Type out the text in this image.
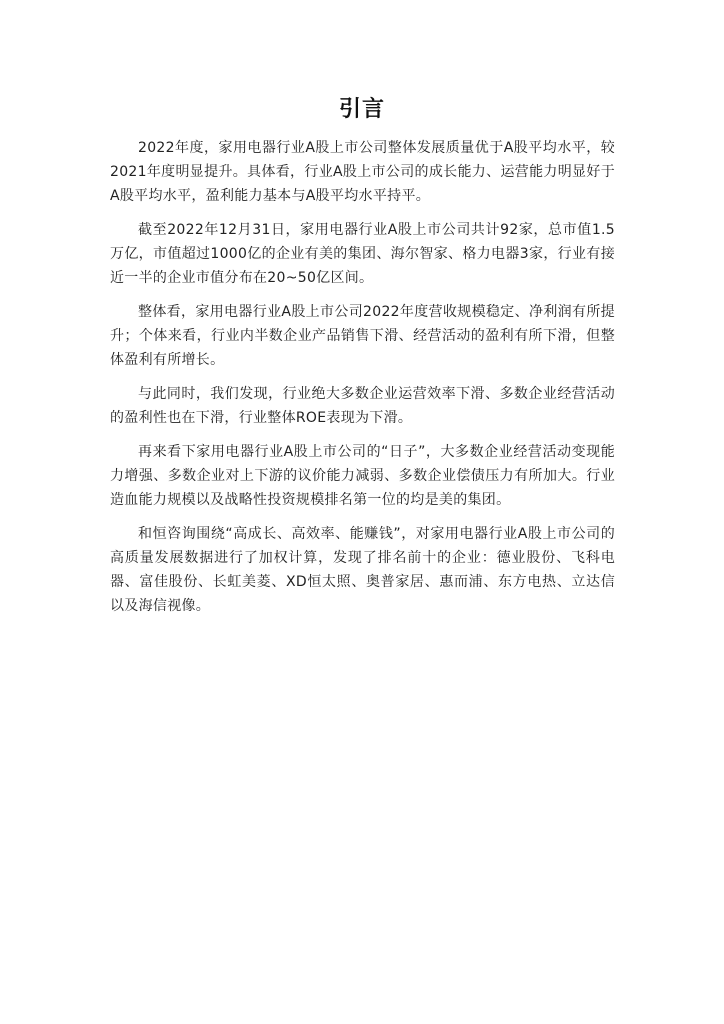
引言

2022年度，家用电器行业A股上市公司整体发展质量优于A股平均水平，较2021年度明显提升。具体看，行业A股上市公司的成长能力、运营能力明显好于A股平均水平，盈利能力基本与A股平均水平持平。

截至2022年12月31日，家用电器行业A股上市公司共计92家，总市值1.5万亿，市值超过1000亿的企业有美的集团、海尔智家、格力电器3家，行业有接近一半的企业市值分布在20~50亿区间。

整体看，家用电器行业A股上市公司2022年度营收规模稳定、净利润有所提升；个体来看，行业内半数企业产品销售下滑、经营活动的盈利有所下滑，但整体盈利有所增长。

与此同时，我们发现，行业绝大多数企业运营效率下滑、多数企业经营活动的盈利性也在下滑，行业整体ROE表现为下滑。

再来看下家用电器行业A股上市公司的“日子”，大多数企业经营活动变现能力增强、多数企业对上下游的议价能力减弱、多数企业偿债压力有所加大。行业造血能力规模以及战略性投资规模排名第一位的均是美的集团。

和恒咨询围绕“高成长、高效率、能赚钱”，对家用电器行业A股上市公司的高质量发展数据进行了加权计算，发现了排名前十的企业：德业股份、飞科电器、富佳股份、长虹美菱、XD恒太照、奥普家居、惠而浦、东方电热、立达信以及海信视像。
